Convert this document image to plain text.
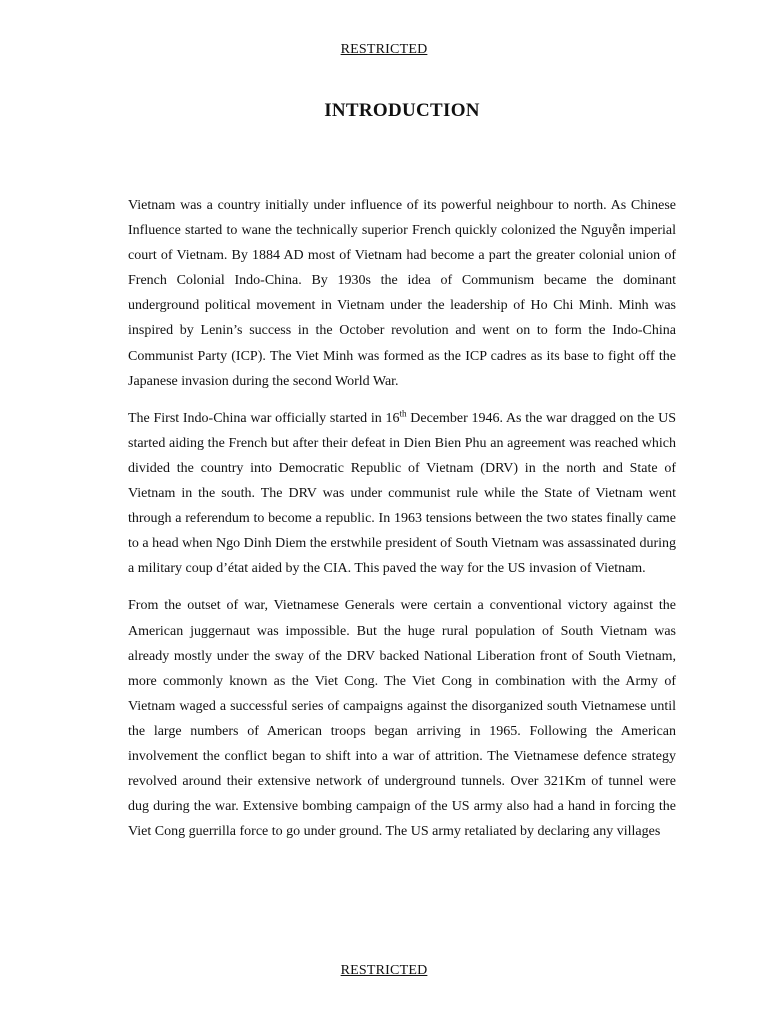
RESTRICTED
INTRODUCTION

Vietnam was a country initially under influence of its powerful neighbour to north. As Chinese Influence started to wane the technically superior French quickly colonized the Nguyễn imperial court of Vietnam. By 1884 AD most of Vietnam had become a part the greater colonial union of French Colonial Indo-China. By 1930s the idea of Communism became the dominant underground political movement in Vietnam under the leadership of Ho Chi Minh. Minh was inspired by Lenin’s success in the October revolution and went on to form the Indo-China Communist Party (ICP). The Viet Minh was formed as the ICP cadres as its base to fight off the Japanese invasion during the second World War.

The First Indo-China war officially started in 16th December 1946. As the war dragged on the US started aiding the French but after their defeat in Dien Bien Phu an agreement was reached which divided the country into Democratic Republic of Vietnam (DRV) in the north and State of Vietnam in the south. The DRV was under communist rule while the State of Vietnam went through a referendum to become a republic. In 1963 tensions between the two states finally came to a head when Ngo Dinh Diem the erstwhile president of South Vietnam was assassinated during a military coup d’état aided by the CIA. This paved the way for the US invasion of Vietnam.

From the outset of war, Vietnamese Generals were certain a conventional victory against the American juggernaut was impossible. But the huge rural population of South Vietnam was already mostly under the sway of the DRV backed National Liberation front of South Vietnam, more commonly known as the Viet Cong. The Viet Cong in combination with the Army of Vietnam waged a successful series of campaigns against the disorganized south Vietnamese until the large numbers of American troops began arriving in 1965. Following the American involvement the conflict began to shift into a war of attrition. The Vietnamese defence strategy revolved around their extensive network of underground tunnels. Over 321Km of tunnel were dug during the war. Extensive bombing campaign of the US army also had a hand in forcing the Viet Cong guerrilla force to go under ground. The US army retaliated by declaring any villages

RESTRICTED
